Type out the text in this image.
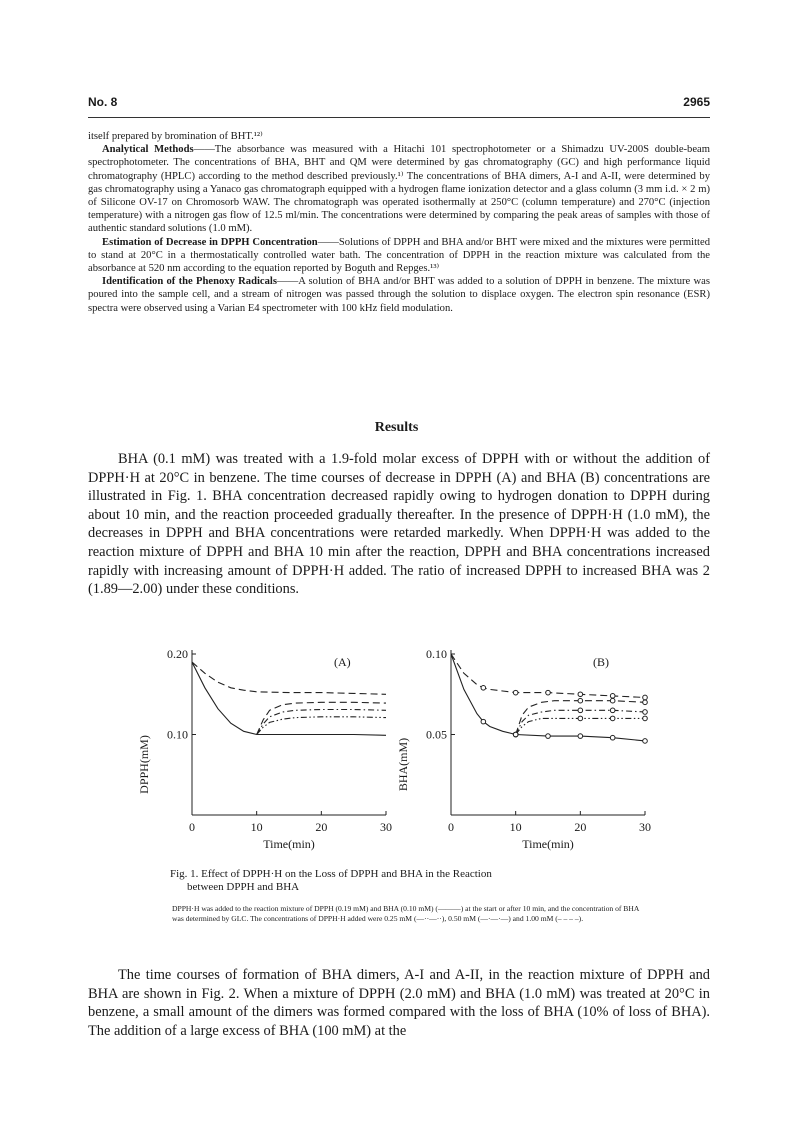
No. 8	2965

itself prepared by bromination of BHT.¹²⁾

Analytical Methods——The absorbance was measured with a Hitachi 101 spectrophotometer or a Shimadzu UV-200S double-beam spectrophotometer. The concentrations of BHA, BHT and QM were determined by gas chromatography (GC) and high performance liquid chromatography (HPLC) according to the method described previously.¹⁾ The concentrations of BHA dimers, A-I and A-II, were determined by gas chromatography using a Yanaco gas chromatograph equipped with a hydrogen flame ionization detector and a glass column (3 mm i.d. × 2 m) of Silicone OV-17 on Chromosorb WAW. The chromatograph was operated isothermally at 250°C (column temperature) and 270°C (injection temperature) with a nitrogen gas flow of 12.5 ml/min. The concentrations were determined by comparing the peak areas of samples with those of authentic standard solutions (1.0 mM).

Estimation of Decrease in DPPH Concentration——Solutions of DPPH and BHA and/or BHT were mixed and the mixtures were permitted to stand at 20°C in a thermostatically controlled water bath. The concentration of DPPH in the reaction mixture was calculated from the absorbance at 520 nm according to the equation reported by Boguth and Repges.¹³⁾

Identification of the Phenoxy Radicals——A solution of BHA and/or BHT was added to a solution of DPPH in benzene. The mixture was poured into the sample cell, and a stream of nitrogen was passed through the solution to displace oxygen. The electron spin resonance (ESR) spectra were observed using a Varian E4 spectrometer with 100 kHz field modulation.

Results

BHA (0.1 mM) was treated with a 1.9-fold molar excess of DPPH with or without the addition of DPPH·H at 20°C in benzene. The time courses of decrease in DPPH (A) and BHA (B) concentrations are illustrated in Fig. 1. BHA concentration decreased rapidly owing to hydrogen donation to DPPH during about 10 min, and the reaction proceeded gradually thereafter. In the presence of DPPH·H (1.0 mM), the decreases in DPPH and BHA concentrations were retarded markedly. When DPPH·H was added to the reaction mixture of DPPH and BHA 10 min after the reaction, DPPH and BHA concentrations increased rapidly with increasing amount of DPPH·H added. The ratio of increased DPPH to increased BHA was 2 (1.89—2.00) under these conditions.

0	10	20	30
0.10
0.20
Time(min)
DPPH(mM)
(A)
0	10	20	30
0.05
0.10
Time(min)
BHA(mM)
(B)
Fig. 1. Effect of DPPH·H on the Loss of DPPH and BHA in the Reaction
between DPPH and BHA
DPPH·H was added to the reaction mixture of DPPH (0.19 mM) and BHA (0.10 mM) (———) at the start or after 10 min, and the concentration of BHA was determined by GLC. The concentrations of DPPH·H added were 0.25 mM (—··—··), 0.50 mM (—·—·—) and 1.00 mM (– – – –).

The time courses of formation of BHA dimers, A-I and A-II, in the reaction mixture of DPPH and BHA are shown in Fig. 2. When a mixture of DPPH (2.0 mM) and BHA (1.0 mM) was treated at 20°C in benzene, a small amount of the dimers was formed compared with the loss of BHA (10% of loss of BHA). The addition of a large excess of BHA (100 mM) at the
